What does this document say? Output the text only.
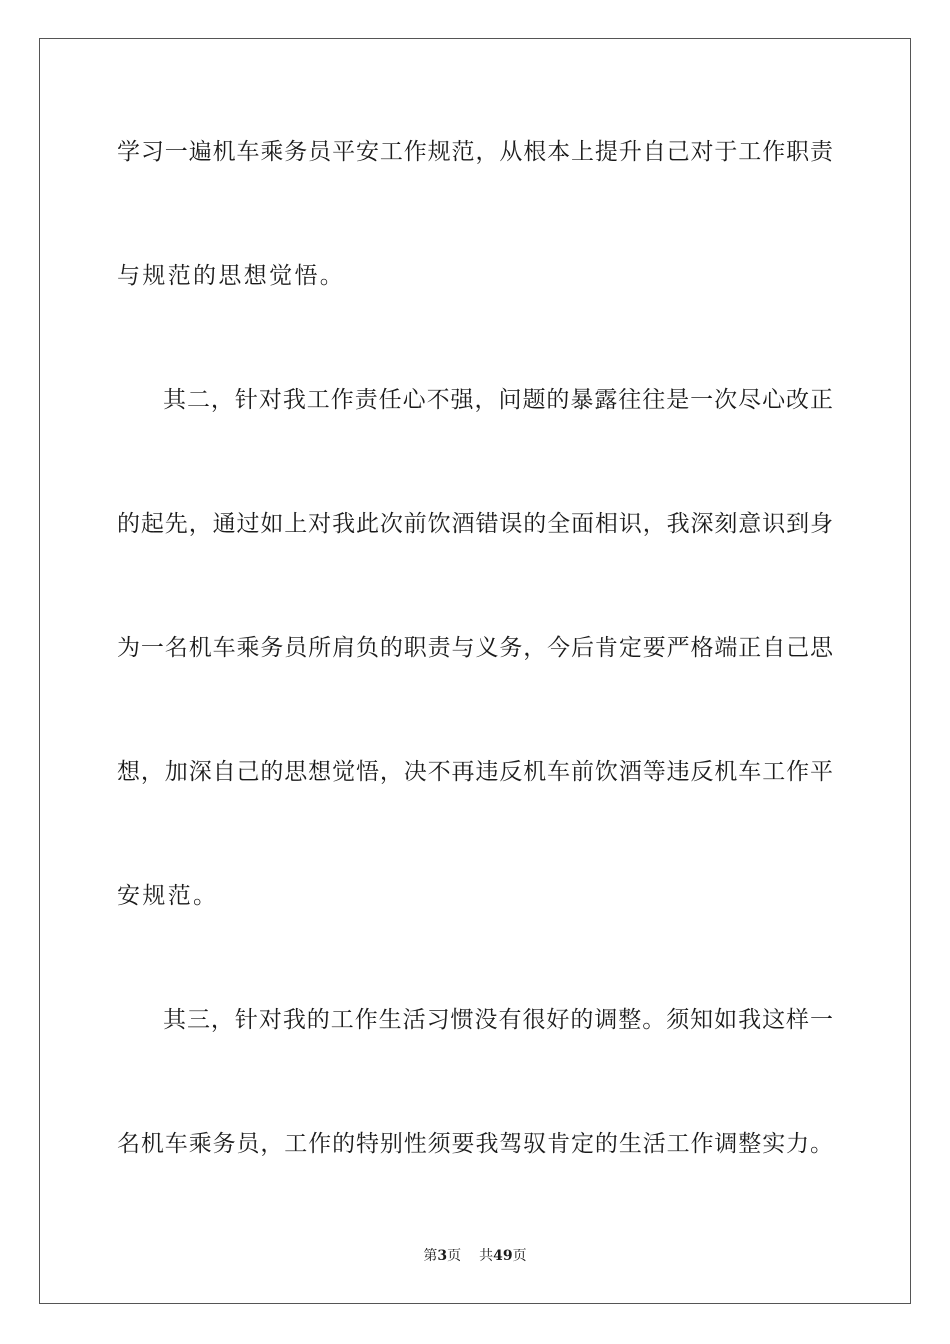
学习一遍机车乘务员平安工作规范，从根本上提升自己对于工作职责

与规范的思想觉悟。

其二，针对我工作责任心不强，问题的暴露往往是一次尽心改正

的起先，通过如上对我此次前饮酒错误的全面相识，我深刻意识到身

为一名机车乘务员所肩负的职责与义务，今后肯定要严格端正自己思

想，加深自己的思想觉悟，决不再违反机车前饮酒等违反机车工作平

安规范。

其三，针对我的工作生活习惯没有很好的调整。须知如我这样一

名机车乘务员，工作的特别性须要我驾驭肯定的生活工作调整实力。

第3页 共49页
